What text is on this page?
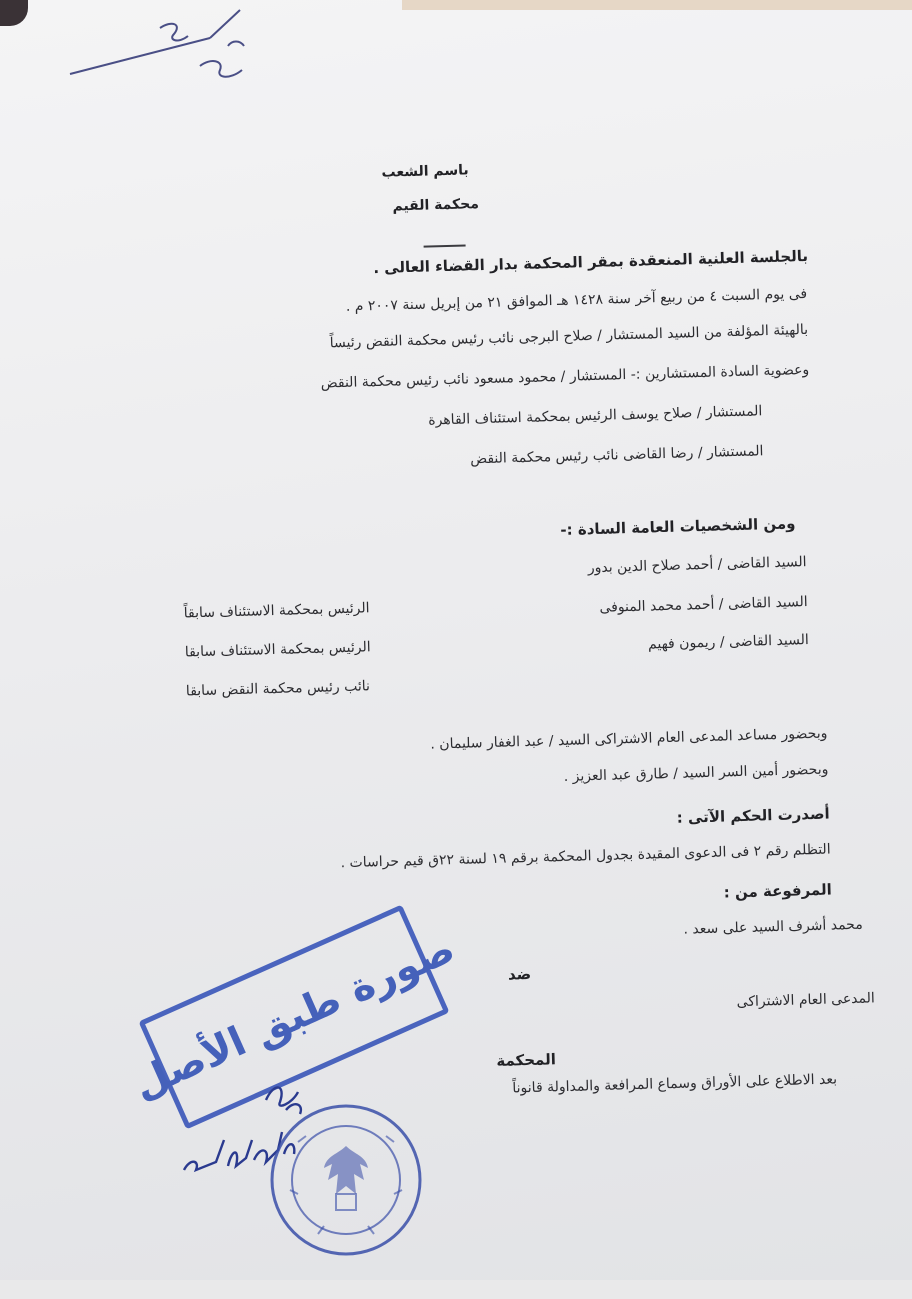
باسم الشعب
محكمة القيم
بالجلسة العلنية المنعقدة بمقر المحكمة بدار القضاء العالى .
فى يوم السبت ٤ من ربيع آخر سنة ١٤٢٨ هـ الموافق ٢١ من إبريل سنة ٢٠٠٧ م .
بالهيئة المؤلفة من السيد المستشار / صلاح البرجى نائب رئيس محكمة النقض رئيساً
وعضوية السادة المستشارين :- المستشار / محمود مسعود نائب رئيس محكمة النقض
المستشار / صلاح يوسف الرئيس بمحكمة استئناف القاهرة
المستشار / رضا القاضى نائب رئيس محكمة النقض
ومن الشخصيات العامة السادة :-
السيد القاضى / أحمد صلاح الدين بدور
السيد القاضى / أحمد محمد المنوفى
السيد القاضى / ريمون فهيم
الرئيس بمحكمة الاستئناف سابقاً
الرئيس بمحكمة الاستئناف سابقا
نائب رئيس محكمة النقض سابقا
وبحضور مساعد المدعى العام الاشتراكى السيد / عبد الغفار سليمان .
وبحضور أمين السر السيد / طارق عبد العزيز .
أصدرت الحكم الآتى :
التظلم رقم ٢ فى الدعوى المقيدة بجدول المحكمة برقم ١٩ لسنة ٢٢ق قيم حراسات .
المرفوعة من :
محمد أشرف السيد على سعد .
ضد
المدعى العام الاشتراكى
المحكمة
بعد الاطلاع على الأوراق وسماع المرافعة والمداولة قانوناً
صورة طبق الأصل
